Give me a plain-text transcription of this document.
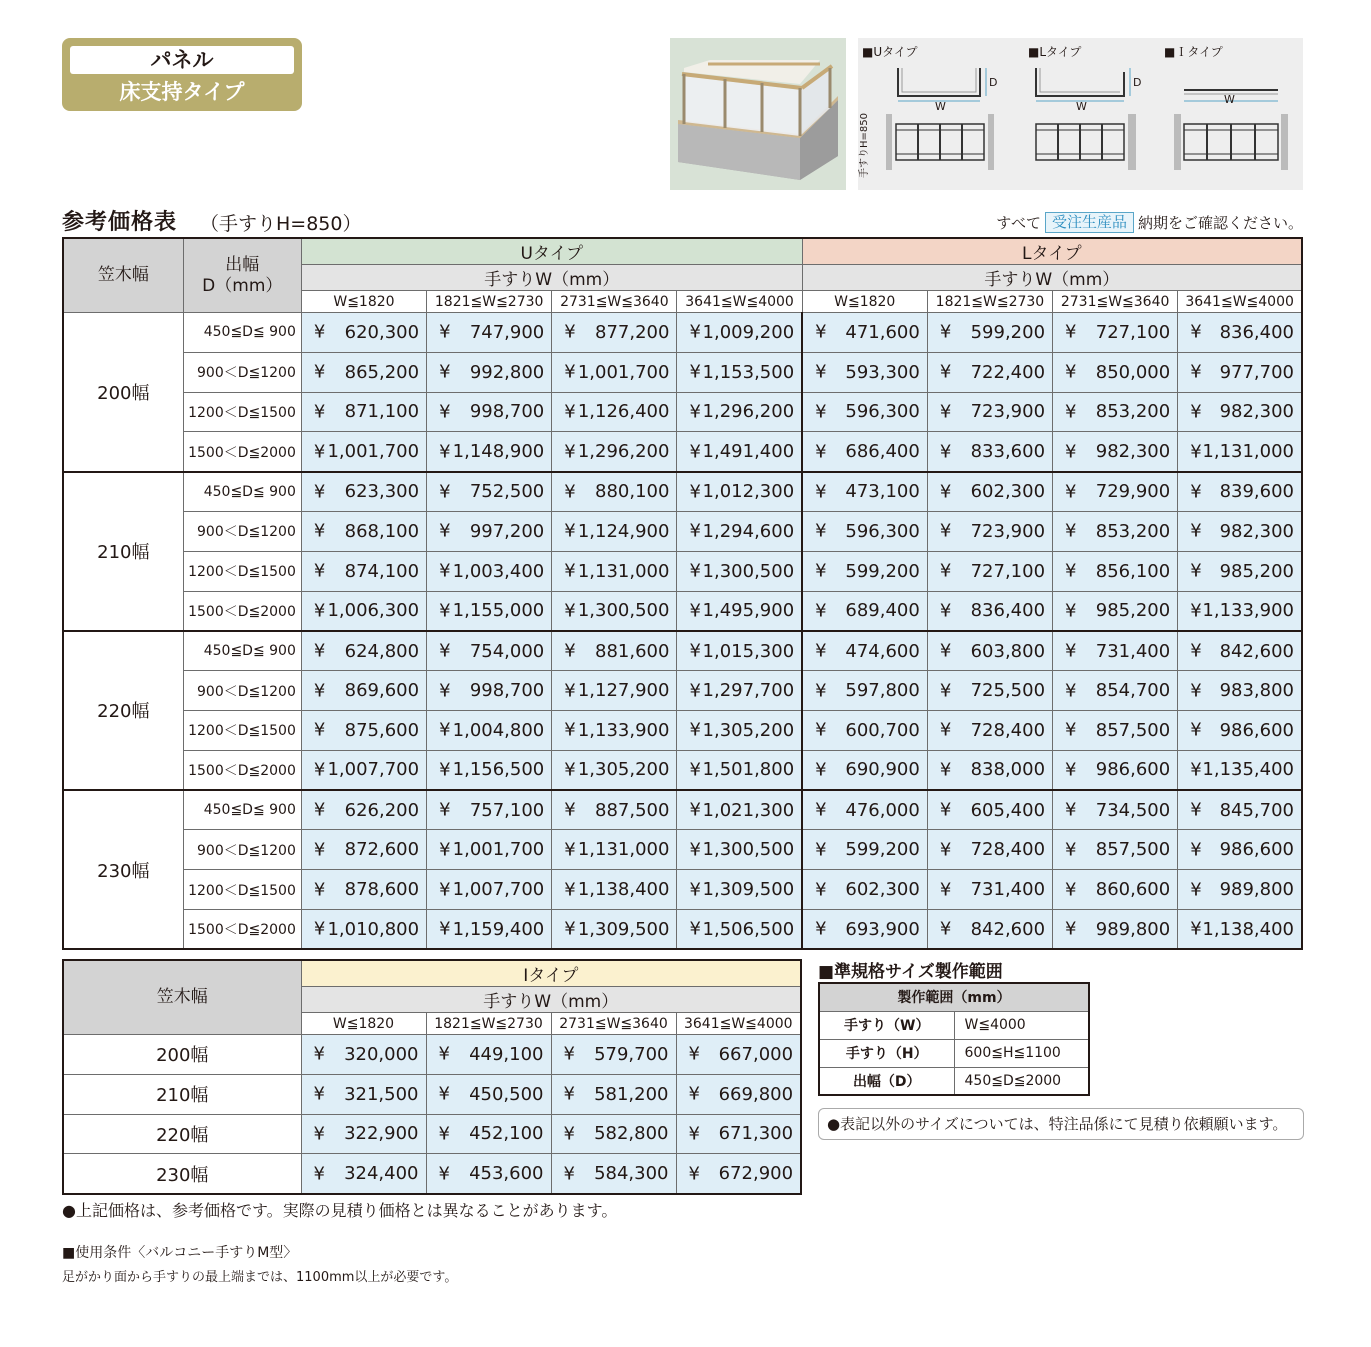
パネル
床支持タイプ
■Uタイプ	■Lタイプ	■Ｉタイプ
W
D
W
D
W
手すりH=850
参考価格表 （手すりH=850）	すべて 受注生産品 納期をご確認ください。
笠木幅	出幅
D（mm）	Uタイプ				Lタイプ			
		手すりW（mm）				手すりW（mm）			
		W≦1820	1821≦W≦2730	2731≦W≦3640	3641≦W≦4000	W≦1820	1821≦W≦2730	2731≦W≦3640	3641≦W≦4000
200幅	450≦D≦ 900	¥ 620,300	¥ 747,900	¥ 877,200	¥ 1,009,200	¥ 471,600	¥ 599,200	¥ 727,100	¥ 836,400

	900＜D≦1200	¥ 865,200	¥ 992,800	¥ 1,001,700	¥ 1,153,500	¥ 593,300	¥ 722,400	¥ 850,000	¥ 977,700

	1200＜D≦1500	¥ 871,100	¥ 998,700	¥ 1,126,400	¥ 1,296,200	¥ 596,300	¥ 723,900	¥ 853,200	¥ 982,300

	1500＜D≦2000	¥ 1,001,700	¥ 1,148,900	¥ 1,296,200	¥ 1,491,400	¥ 686,400	¥ 833,600	¥ 982,300	¥ 1,131,000

210幅	450≦D≦ 900	¥ 623,300	¥ 752,500	¥ 880,100	¥ 1,012,300	¥ 473,100	¥ 602,300	¥ 729,900	¥ 839,600

	900＜D≦1200	¥ 868,100	¥ 997,200	¥ 1,124,900	¥ 1,294,600	¥ 596,300	¥ 723,900	¥ 853,200	¥ 982,300

	1200＜D≦1500	¥ 874,100	¥ 1,003,400	¥ 1,131,000	¥ 1,300,500	¥ 599,200	¥ 727,100	¥ 856,100	¥ 985,200

	1500＜D≦2000	¥ 1,006,300	¥ 1,155,000	¥ 1,300,500	¥ 1,495,900	¥ 689,400	¥ 836,400	¥ 985,200	¥ 1,133,900

220幅	450≦D≦ 900	¥ 624,800	¥ 754,000	¥ 881,600	¥ 1,015,300	¥ 474,600	¥ 603,800	¥ 731,400	¥ 842,600

	900＜D≦1200	¥ 869,600	¥ 998,700	¥ 1,127,900	¥ 1,297,700	¥ 597,800	¥ 725,500	¥ 854,700	¥ 983,800

	1200＜D≦1500	¥ 875,600	¥ 1,004,800	¥ 1,133,900	¥ 1,305,200	¥ 600,700	¥ 728,400	¥ 857,500	¥ 986,600

	1500＜D≦2000	¥ 1,007,700	¥ 1,156,500	¥ 1,305,200	¥ 1,501,800	¥ 690,900	¥ 838,000	¥ 986,600	¥ 1,135,400

230幅	450≦D≦ 900	¥ 626,200	¥ 757,100	¥ 887,500	¥ 1,021,300	¥ 476,000	¥ 605,400	¥ 734,500	¥ 845,700

	900＜D≦1200	¥ 872,600	¥ 1,001,700	¥ 1,131,000	¥ 1,300,500	¥ 599,200	¥ 728,400	¥ 857,500	¥ 986,600

	1200＜D≦1500	¥ 878,600	¥ 1,007,700	¥ 1,138,400	¥ 1,309,500	¥ 602,300	¥ 731,400	¥ 860,600	¥ 989,800

	1500＜D≦2000	¥ 1,010,800	¥ 1,159,400	¥ 1,309,500	¥ 1,506,500	¥ 693,900	¥ 842,600	¥ 989,800	¥ 1,138,400
笠木幅	Iタイプ			
	手すりW（mm）			
	W≦1820	1821≦W≦2730	2731≦W≦3640	3641≦W≦4000
200幅	¥ 320,000	¥ 449,100	¥ 579,700	¥ 667,000

210幅	¥ 321,500	¥ 450,500	¥ 581,200	¥ 669,800

220幅	¥ 322,900	¥ 452,100	¥ 582,800	¥ 671,300

230幅	¥ 324,400	¥ 453,600	¥ 584,300	¥ 672,900
■準規格サイズ製作範囲
製作範囲（mm）	
手すり（W）	W≦4000
手すり（H）	600≦H≦1100
出幅（D）	450≦D≦2000
●表記以外のサイズについては、特注品係にて見積り依頼願います。
●上記価格は、参考価格です。実際の見積り価格とは異なることがあります。
■使用条件〈バルコニー手すりM型〉
足がかり面から手すりの最上端までは、1100mm以上が必要です。
